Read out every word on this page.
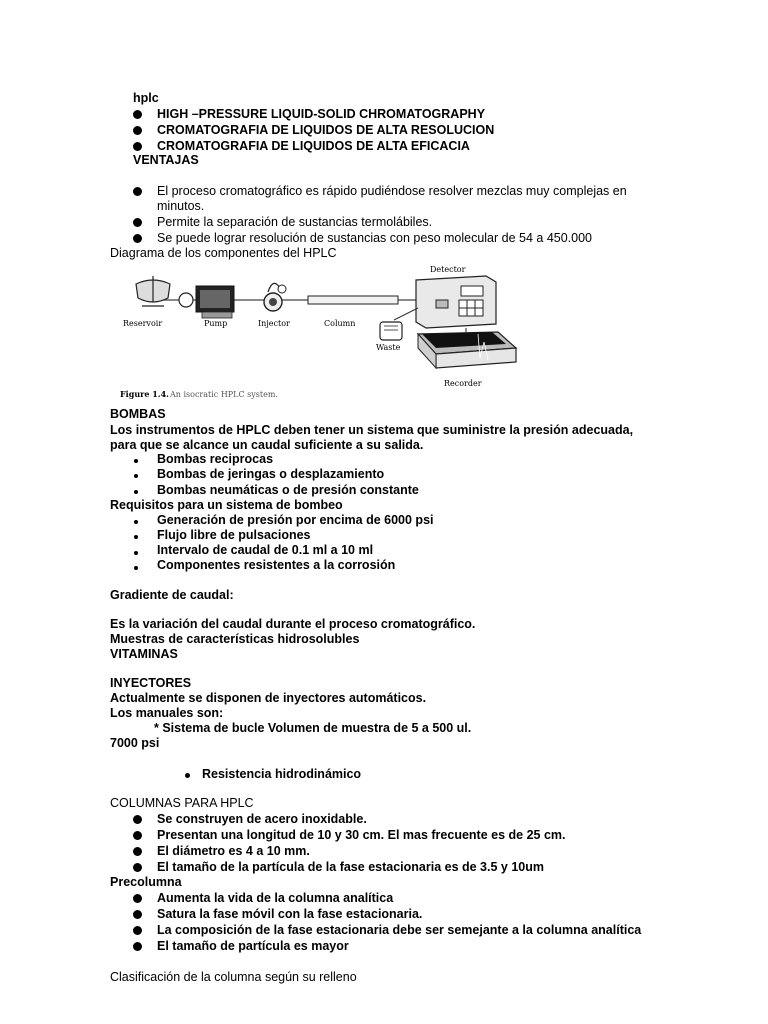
hplc
HIGH –PRESSURE LIQUID-SOLID CHROMATOGRAPHY
CROMATOGRAFIA DE LIQUIDOS DE ALTA RESOLUCION
CROMATOGRAFIA DE LIQUIDOS DE ALTA EFICACIA
VENTAJAS
El proceso cromatográfico es rápido pudiéndose resolver mezclas muy complejas en
minutos.
Permite la separación de sustancias termolábiles.
Se puede lograr resolución de sustancias con peso molecular de 54 a 450.000
Diagrama de los componentes del HPLC
Reservoir	Pump	Injector	Column
Detector
Waste
Recorder
Figure 1.4. An isocratic HPLC system.
BOMBAS
Los instrumentos de HPLC deben tener un sistema que suministre la presión adecuada,
para que se alcance un caudal suficiente a su salida.
Bombas reciprocas
Bombas de jeringas o desplazamiento
Bombas neumáticas o de presión constante
Requisitos para un sistema de bombeo
Generación de presión por encima de 6000 psi
Flujo libre de pulsaciones
Intervalo de caudal de 0.1 ml a 10 ml
Componentes resistentes a la corrosión
Gradiente de caudal:
Es la variación del caudal durante el proceso cromatográfico.
Muestras de características hidrosolubles
VITAMINAS
INYECTORES
Actualmente se disponen de inyectores automáticos.
Los manuales son:
* Sistema de bucle Volumen de muestra de 5 a 500 ul.
7000 psi
Resistencia hidrodinámico
COLUMNAS PARA HPLC
Se construyen de acero inoxidable.
Presentan una longitud de 10 y 30 cm. El mas frecuente es de 25 cm.
El diámetro es 4 a 10 mm.
El tamaño de la partícula de la fase estacionaria es de 3.5 y 10um
Precolumna
Aumenta la vida de la columna analítica
Satura la fase móvil con la fase estacionaria.
La composición de la fase estacionaria debe ser semejante a la columna analítica
El tamaño de partícula es mayor
Clasificación de la columna según su relleno
